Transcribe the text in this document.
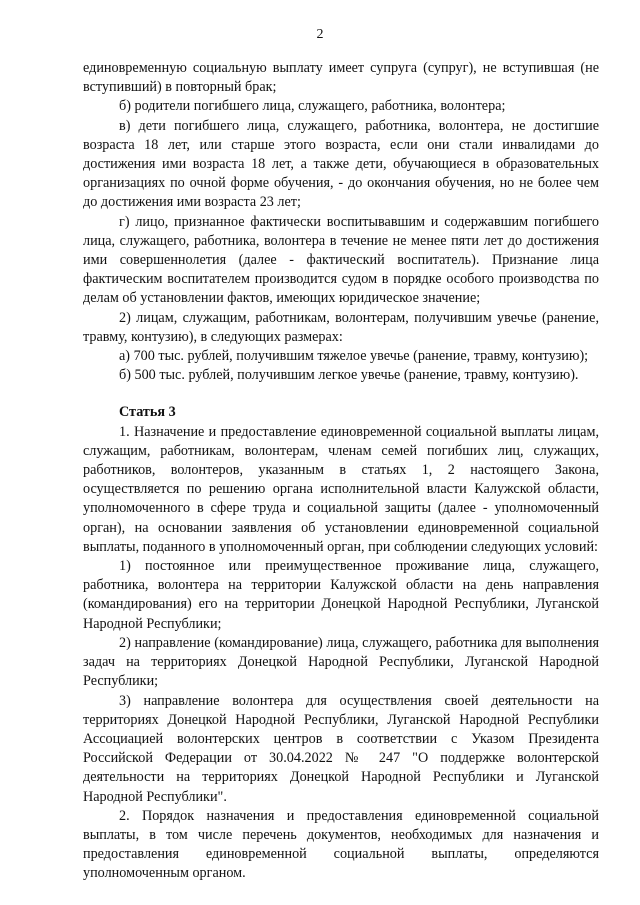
2

единовременную социальную выплату имеет супруга (супруг), не вступившая (не вступивший) в повторный брак;

б) родители погибшего лица, служащего, работника, волонтера;

в) дети погибшего лица, служащего, работника, волонтера, не достигшие возраста 18 лет, или старше этого возраста, если они стали инвалидами до достижения ими возраста 18 лет, а также дети, обучающиеся в образовательных организациях по очной форме обучения, - до окончания обучения, но не более чем до достижения ими возраста 23 лет;

г) лицо, признанное фактически воспитывавшим и содержавшим погибшего лица, служащего, работника, волонтера в течение не менее пяти лет до достижения ими совершеннолетия (далее - фактический воспитатель). Признание лица фактическим воспитателем производится судом в порядке особого производства по делам об установлении фактов, имеющих юридическое значение;

2) лицам, служащим, работникам, волонтерам, получившим увечье (ранение, травму, контузию), в следующих размерах:

а) 700 тыс. рублей, получившим тяжелое увечье (ранение, травму, контузию);

б) 500 тыс. рублей, получившим легкое увечье (ранение, травму, контузию).

Статья 3

1. Назначение и предоставление единовременной социальной выплаты лицам, служащим, работникам, волонтерам, членам семей погибших лиц, служащих, работников, волонтеров, указанным в статьях 1, 2 настоящего Закона, осуществляется по решению органа исполнительной власти Калужской области, уполномоченного в сфере труда и социальной защиты (далее - уполномоченный орган), на основании заявления об установлении единовременной социальной выплаты, поданного в уполномоченный орган, при соблюдении следующих условий:

1) постоянное или преимущественное проживание лица, служащего, работника, волонтера на территории Калужской области на день направления (командирования) его на территории Донецкой Народной Республики, Луганской Народной Республики;

2) направление (командирование) лица, служащего, работника для выполнения задач на территориях Донецкой Народной Республики, Луганской Народной Республики;

3) направление волонтера для осуществления своей деятельности на территориях Донецкой Народной Республики, Луганской Народной Республики Ассоциацией волонтерских центров в соответствии с Указом Президента Российской Федерации от 30.04.2022 № 247 "О поддержке волонтерской деятельности на территориях Донецкой Народной Республики и Луганской Народной Республики".

2. Порядок назначения и предоставления единовременной социальной выплаты, в том числе перечень документов, необходимых для назначения и предоставления единовременной социальной выплаты, определяются уполномоченным органом.
